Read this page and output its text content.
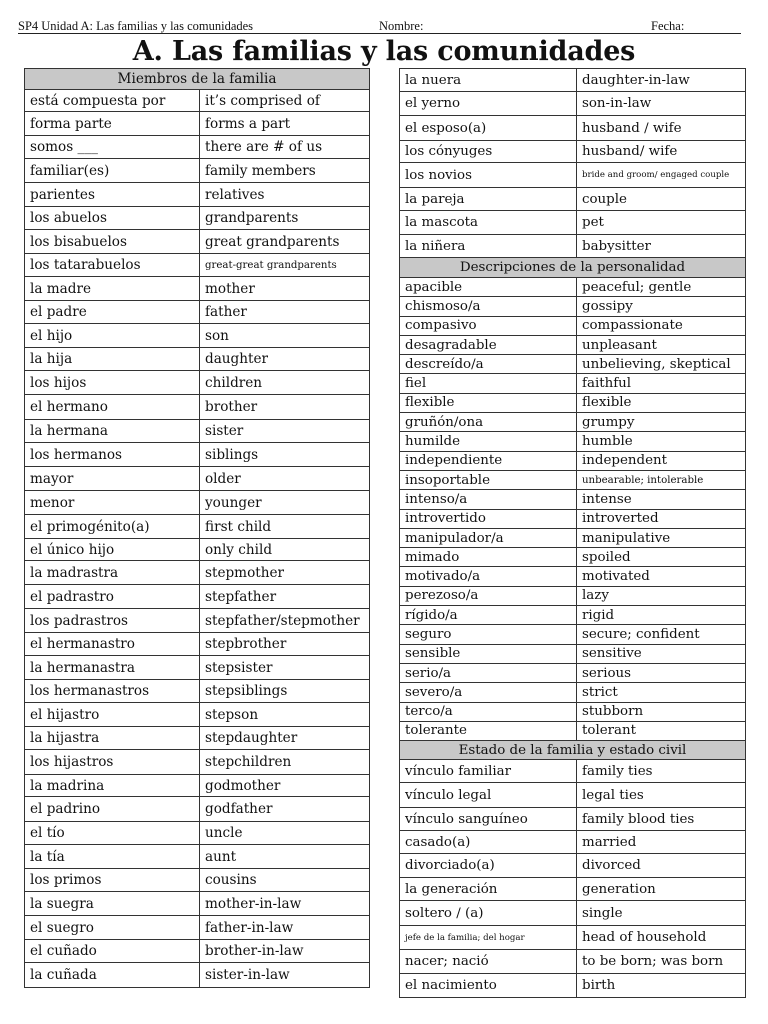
SP4 Unidad A: Las familias y las comunidades	Nombre:	Fecha:
A. Las familias y las comunidades
Miembros de la familia	
está compuesta por	it’s comprised of
forma parte	forms a part
somos ___	there are # of us
familiar(es)	family members
parientes	relatives
los abuelos	grandparents
los bisabuelos	great grandparents
los tatarabuelos	great-great grandparents
la madre	mother
el padre	father
el hijo	son
la hija	daughter
los hijos	children
el hermano	brother
la hermana	sister
los hermanos	siblings
mayor	older
menor	younger
el primogénito(a)	first child
el único hijo	only child
la madrastra	stepmother
el padrastro	stepfather
los padrastros	stepfather/stepmother
el hermanastro	stepbrother
la hermanastra	stepsister
los hermanastros	stepsiblings
el hijastro	stepson
la hijastra	stepdaughter
los hijastros	stepchildren
la madrina	godmother
el padrino	godfather
el tío	uncle
la tía	aunt
los primos	cousins
la suegra	mother-in-law
el suegro	father-in-law
el cuñado	brother-in-law
la cuñada	sister-in-law
la nuera	daughter-in-law
el yerno	son-in-law
el esposo(a)	husband / wife
los cónyuges	husband/ wife
los novios	bride and groom/ engaged couple
la pareja	couple
la mascota	pet
la niñera	babysitter
Descripciones de la personalidad	
apacible	peaceful; gentle
chismoso/a	gossipy
compasivo	compassionate
desagradable	unpleasant
descreído/a	unbelieving, skeptical
fiel	faithful
flexible	flexible
gruñón/ona	grumpy
humilde	humble
independiente	independent
insoportable	unbearable; intolerable
intenso/a	intense
introvertido	introverted
manipulador/a	manipulative
mimado	spoiled
motivado/a	motivated
perezoso/a	lazy
rígido/a	rigid
seguro	secure; confident
sensible	sensitive
serio/a	serious
severo/a	strict
terco/a	stubborn
tolerante	tolerant
Estado de la familia y estado civil	
vínculo familiar	family ties
vínculo legal	legal ties
vínculo sanguíneo	family blood ties
casado(a)	married
divorciado(a)	divorced
la generación	generation
soltero / (a)	single
jefe de la familia; del hogar	head of household
nacer; nació	to be born; was born
el nacimiento	birth
